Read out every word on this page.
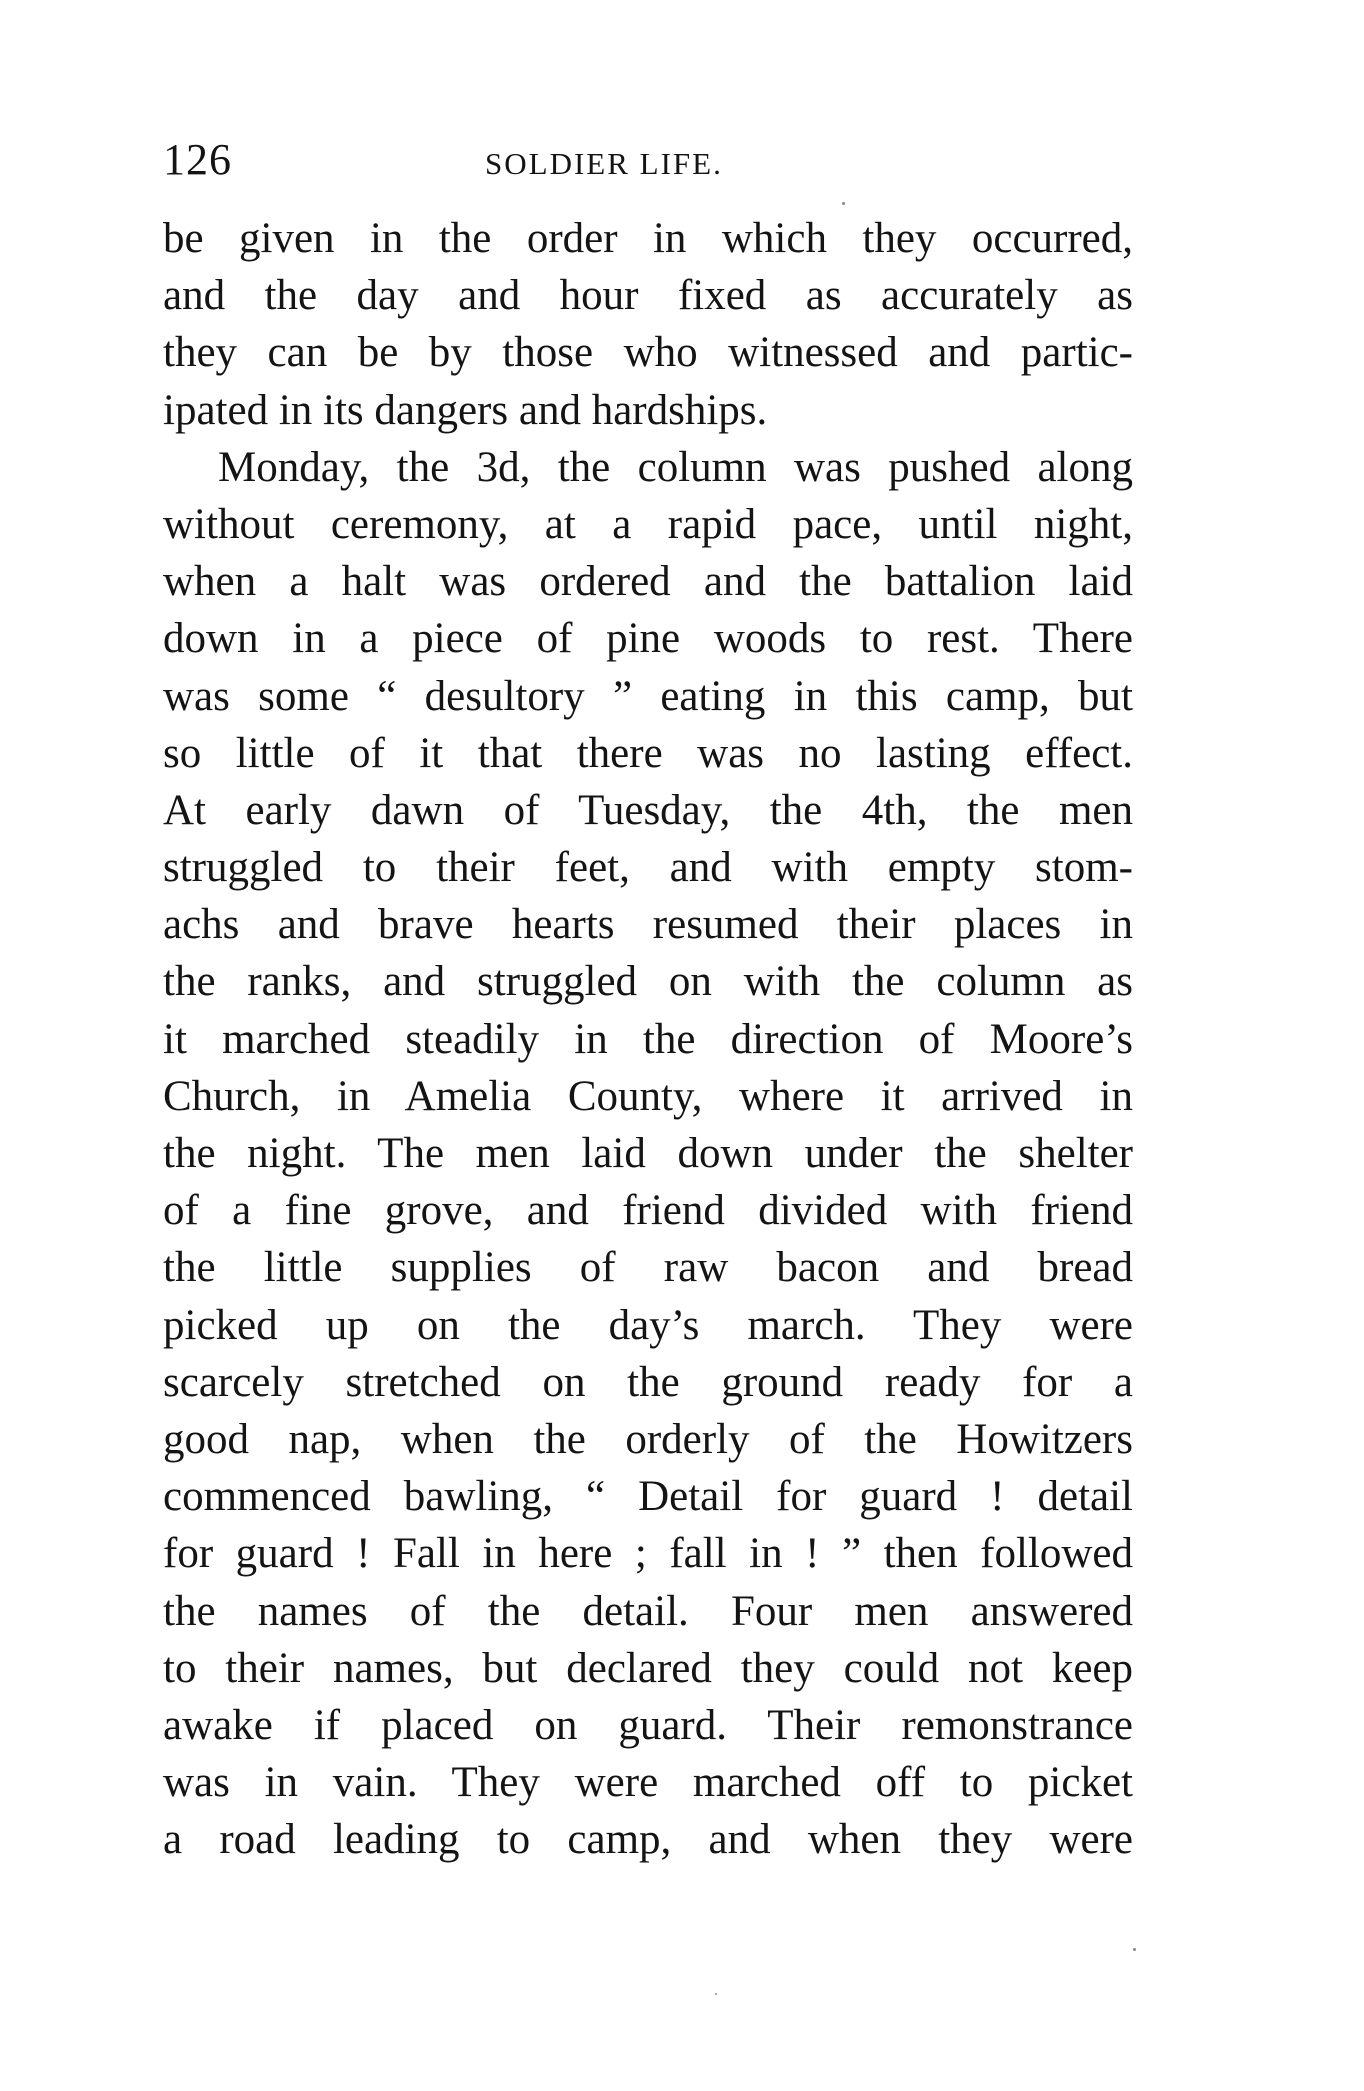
126	SOLDIER LIFE.
be given in the order in which they occurred,
and the day and hour fixed as accurately as
they can be by those who witnessed and partic-
ipated in its dangers and hardships.
Monday, the 3d, the column was pushed along
without ceremony, at a rapid pace, until night,
when a halt was ordered and the battalion laid
down in a piece of pine woods to rest. There
was some “ desultory ” eating in this camp, but
so little of it that there was no lasting effect.
At early dawn of Tuesday, the 4th, the men
struggled to their feet, and with empty stom-
achs and brave hearts resumed their places in
the ranks, and struggled on with the column as
it marched steadily in the direction of Moore’s
Church, in Amelia County, where it arrived in
the night. The men laid down under the shelter
of a fine grove, and friend divided with friend
the little supplies of raw bacon and bread
picked up on the day’s march. They were
scarcely stretched on the ground ready for a
good nap, when the orderly of the Howitzers
commenced bawling, “ Detail for guard ! detail
for guard ! Fall in here ; fall in ! ” then followed
the names of the detail. Four men answered
to their names, but declared they could not keep
awake if placed on guard. Their remonstrance
was in vain. They were marched off to picket
a road leading to camp, and when they were
